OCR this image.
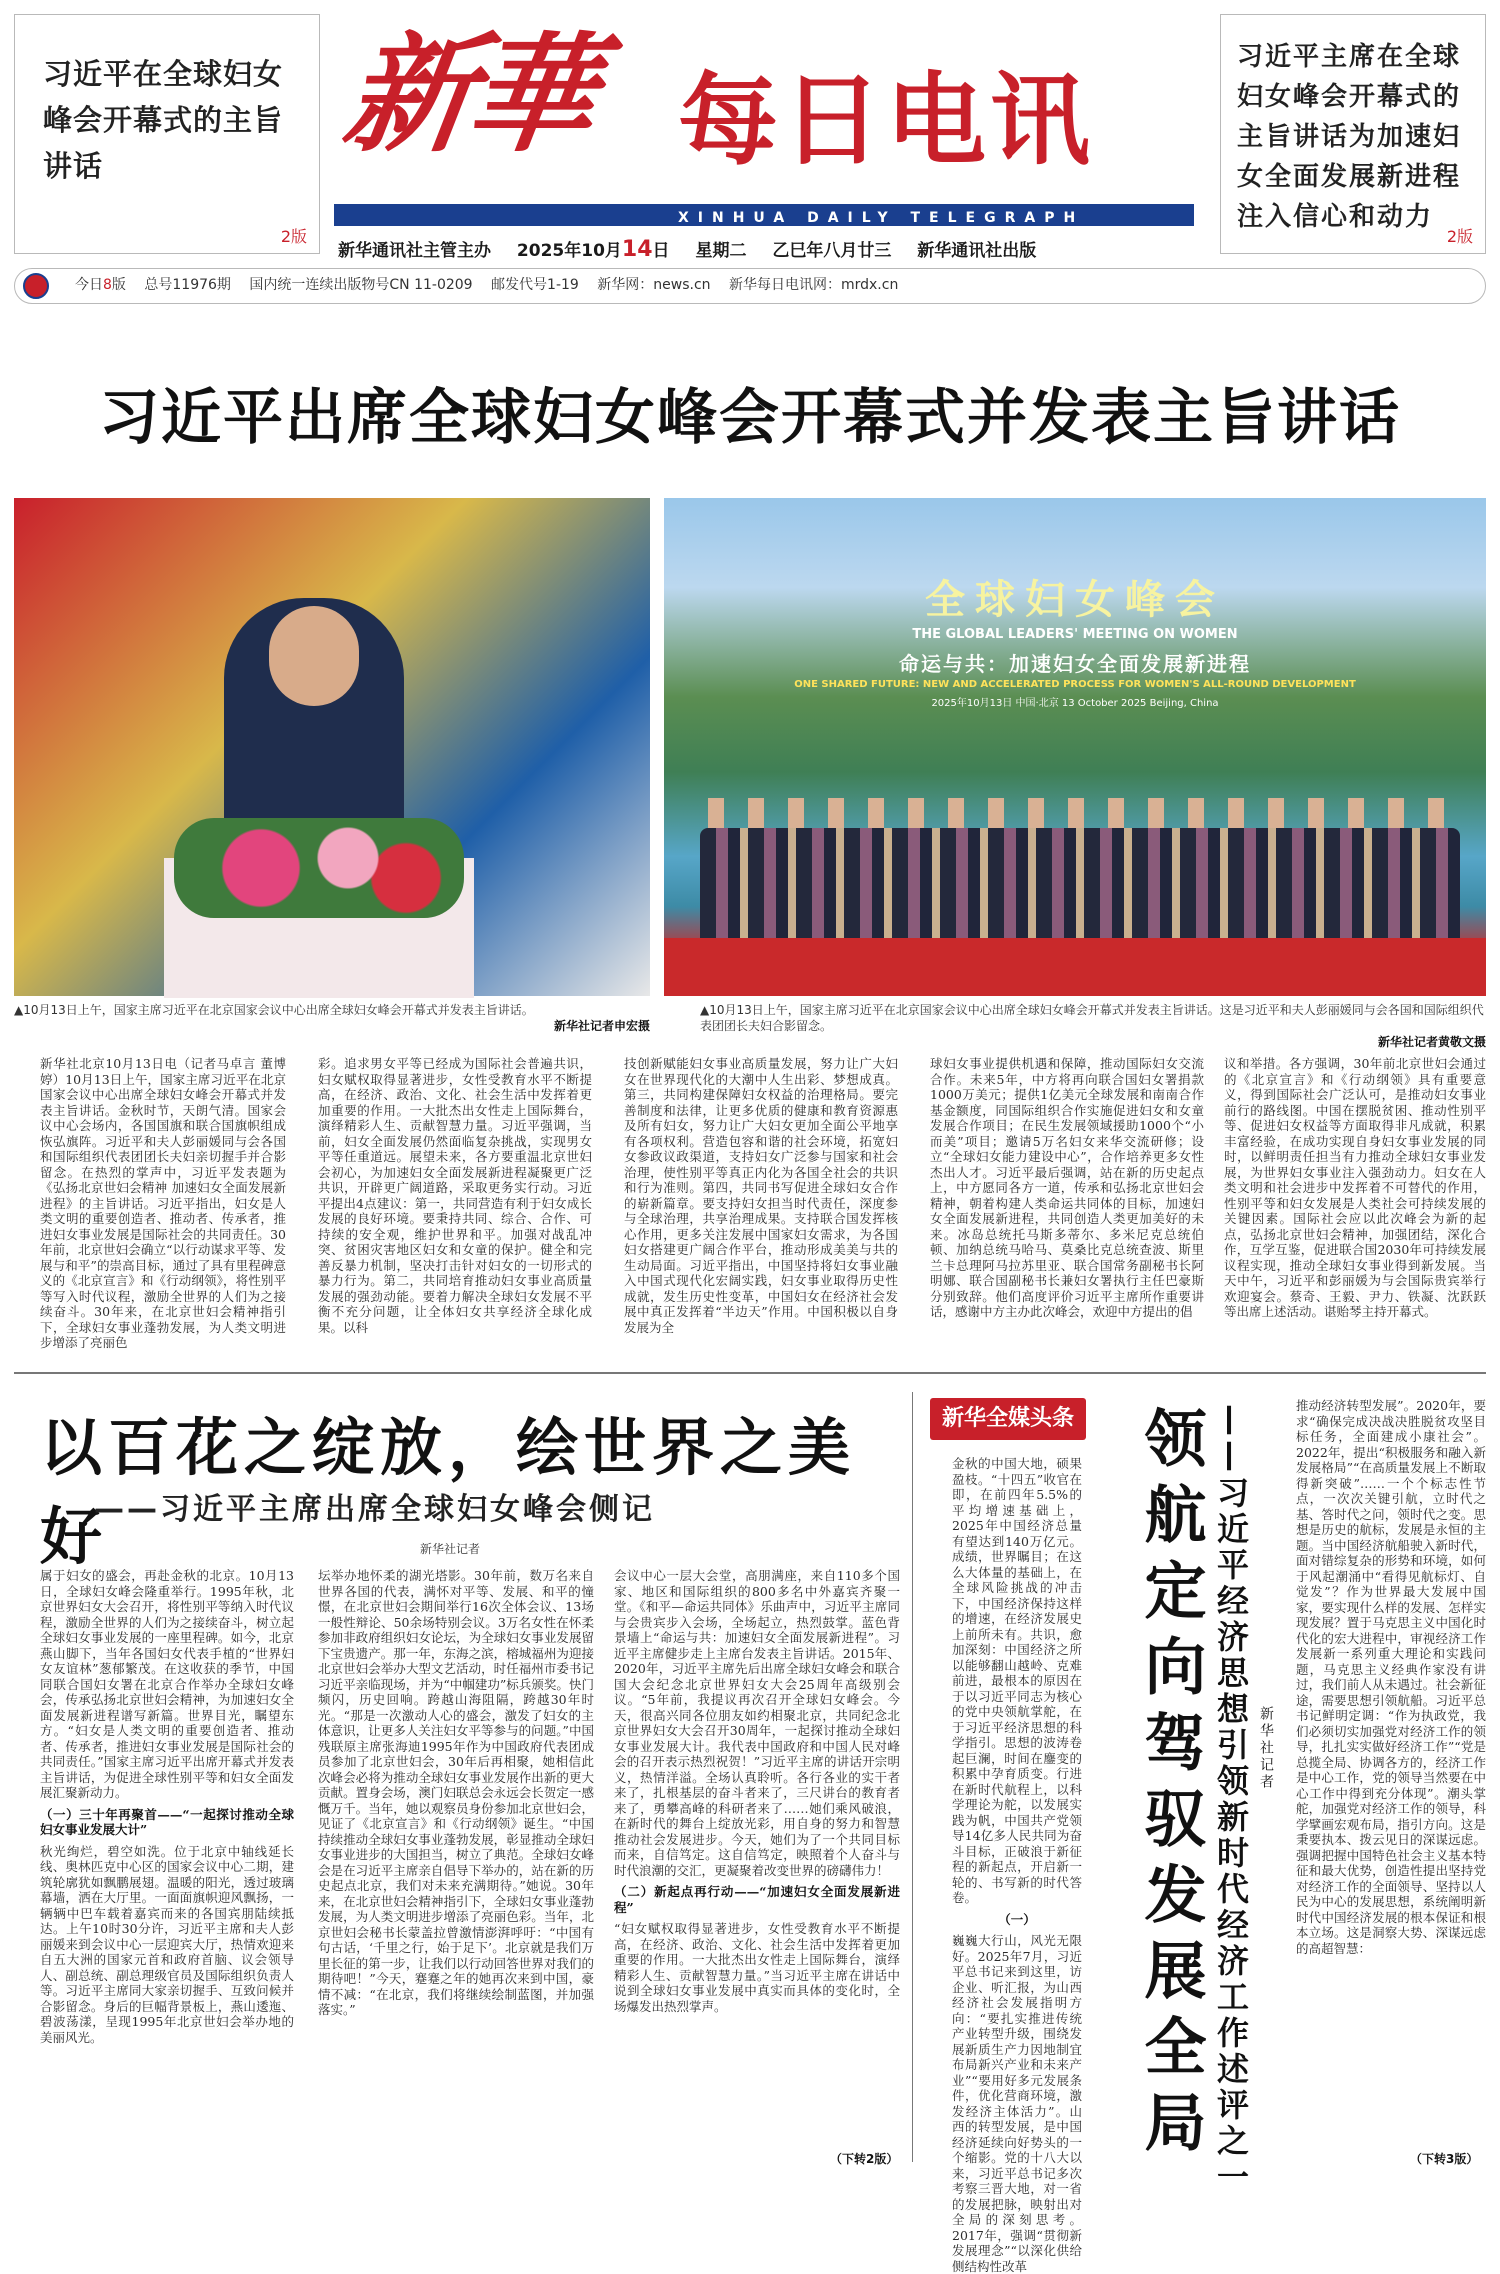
习近平在全球妇女峰会开幕式的主旨讲话
2版
新華 每日电讯
XINHUA DAILY TELEGRAPH
新华通讯社主管主办 2025年10月14日 星期二 乙巳年八月廿三 新华通讯社出版
习近平主席在全球妇女峰会开幕式的主旨讲话为加速妇女全面发展新进程注入信心和动力
2版
今日8版 总号11976期 国内统一连续出版物号CN 11-0209 邮发代号1-19 新华网：news.cn 新华每日电讯网：mrdx.cn
习近平出席全球妇女峰会开幕式并发表主旨讲话
全球妇女峰会
THE GLOBAL LEADERS' MEETING ON WOMEN
命运与共：加速妇女全面发展新进程
ONE SHARED FUTURE: NEW AND ACCELERATED PROCESS FOR WOMEN'S ALL-ROUND DEVELOPMENT
2025年10月13日 中国·北京 13 October 2025 Beijing, China
▲10月13日上午，国家主席习近平在北京国家会议中心出席全球妇女峰会开幕式并发表主旨讲话。
新华社记者申宏摄
▲10月13日上午，国家主席习近平在北京国家会议中心出席全球妇女峰会开幕式并发表主旨讲话。这是习近平和夫人彭丽媛同与会各国和国际组织代表团团长夫妇合影留念。
新华社记者黄敬文摄
新华社北京10月13日电（记者马卓言 董博婷）10月13日上午，国家主席习近平在北京国家会议中心出席全球妇女峰会开幕式并发表主旨讲话。金秋时节，天朗气清。国家会议中心会场内，各国国旗和联合国旗帜组成恢弘旗阵。习近平和夫人彭丽媛同与会各国和国际组织代表团团长夫妇亲切握手并合影留念。在热烈的掌声中，习近平发表题为《弘扬北京世妇会精神 加速妇女全面发展新进程》的主旨讲话。习近平指出，妇女是人类文明的重要创造者、推动者、传承者，推进妇女事业发展是国际社会的共同责任。30年前，北京世妇会确立“以行动谋求平等、发展与和平”的崇高目标，通过了具有里程碑意义的《北京宣言》和《行动纲领》，将性别平等写入时代议程，激励全世界的人们为之接续奋斗。30年来，在北京世妇会精神指引下，全球妇女事业蓬勃发展，为人类文明进步增添了亮丽色
彩。追求男女平等已经成为国际社会普遍共识，妇女赋权取得显著进步，女性受教育水平不断提高，在经济、政治、文化、社会生活中发挥着更加重要的作用。一大批杰出女性走上国际舞台，演绎精彩人生、贡献智慧力量。习近平强调，当前，妇女全面发展仍然面临复杂挑战，实现男女平等任重道远。展望未来，各方要重温北京世妇会初心，为加速妇女全面发展新进程凝聚更广泛共识，开辟更广阔道路，采取更务实行动。习近平提出4点建议：第一，共同营造有利于妇女成长发展的良好环境。要秉持共同、综合、合作、可持续的安全观，维护世界和平。加强对战乱冲突、贫困灾害地区妇女和女童的保护。健全和完善反暴力机制，坚决打击针对妇女的一切形式的暴力行为。第二，共同培育推动妇女事业高质量发展的强劲动能。要着力解决全球妇女发展不平衡不充分问题，让全体妇女共享经济全球化成果。以科
技创新赋能妇女事业高质量发展，努力让广大妇女在世界现代化的大潮中人生出彩、梦想成真。第三，共同构建保障妇女权益的治理格局。要完善制度和法律，让更多优质的健康和教育资源惠及所有妇女，努力让广大妇女更加全面公平地享有各项权利。营造包容和谐的社会环境，拓宽妇女参政议政渠道，支持妇女广泛参与国家和社会治理，使性别平等真正内化为各国全社会的共识和行为准则。第四，共同书写促进全球妇女合作的崭新篇章。要支持妇女担当时代责任，深度参与全球治理，共享治理成果。支持联合国发挥核心作用，更多关注发展中国家妇女需求，为各国妇女搭建更广阔合作平台，推动形成美美与共的生动局面。习近平指出，中国坚持将妇女事业融入中国式现代化宏阔实践，妇女事业取得历史性成就，发生历史性变革，中国妇女在经济社会发展中真正发挥着“半边天”作用。中国积极以自身发展为全
球妇女事业提供机遇和保障，推动国际妇女交流合作。未来5年，中方将再向联合国妇女署捐款1000万美元；提供1亿美元全球发展和南南合作基金额度，同国际组织合作实施促进妇女和女童发展合作项目；在民生发展领域援助1000个“小而美”项目；邀请5万名妇女来华交流研修；设立“全球妇女能力建设中心”，合作培养更多女性杰出人才。习近平最后强调，站在新的历史起点上，中方愿同各方一道，传承和弘扬北京世妇会精神，朝着构建人类命运共同体的目标，加速妇女全面发展新进程，共同创造人类更加美好的未来。冰岛总统托马斯多蒂尔、多米尼克总统伯顿、加纳总统马哈马、莫桑比克总统查波、斯里兰卡总理阿马拉苏里亚、联合国常务副秘书长阿明娜、联合国副秘书长兼妇女署执行主任巴豪斯分别致辞。他们高度评价习近平主席所作重要讲话，感谢中方主办此次峰会，欢迎中方提出的倡
议和举措。各方强调，30年前北京世妇会通过的《北京宣言》和《行动纲领》具有重要意义，得到国际社会广泛认可，是推动妇女事业前行的路线图。中国在摆脱贫困、推动性别平等、促进妇女权益等方面取得非凡成就，积累丰富经验，在成功实现自身妇女事业发展的同时，以鲜明责任担当有力推动全球妇女事业发展，为世界妇女事业注入强劲动力。妇女在人类文明和社会进步中发挥着不可替代的作用，性别平等和妇女发展是人类社会可持续发展的关键因素。国际社会应以此次峰会为新的起点，弘扬北京世妇会精神，加强团结，深化合作，互学互鉴，促进联合国2030年可持续发展议程实现，推动全球妇女事业得到新发展。当天中午，习近平和彭丽媛为与会国际贵宾举行欢迎宴会。蔡奇、王毅、尹力、铁凝、沈跃跃等出席上述活动。谌贻琴主持开幕式。
以百花之绽放，绘世界之美好
——习近平主席出席全球妇女峰会侧记
新华社记者
属于妇女的盛会，再赴金秋的北京。10月13日，全球妇女峰会隆重举行。1995年秋，北京世界妇女大会召开，将性别平等纳入时代议程，激励全世界的人们为之接续奋斗，树立起全球妇女事业发展的一座里程碑。如今，北京燕山脚下，当年各国妇女代表手植的“世界妇女友谊林”葱郁繁茂。在这收获的季节，中国同联合国妇女署在北京合作举办全球妇女峰会，传承弘扬北京世妇会精神，为加速妇女全面发展新进程谱写新篇。世界目光，瞩望东方。“妇女是人类文明的重要创造者、推动者、传承者，推进妇女事业发展是国际社会的共同责任。”国家主席习近平出席开幕式并发表主旨讲话，为促进全球性别平等和妇女全面发展汇聚新动力。
（一）三十年再聚首——“一起探讨推动全球妇女事业发展大计”
秋光绚烂，碧空如洗。位于北京中轴线延长线、奥林匹克中心区的国家会议中心二期，建筑轮廓犹如飘鹏展翅。温暖的阳光，透过玻璃幕墙，洒在大厅里。一面面旗帜迎风飘扬，一辆辆中巴车载着嘉宾而来的各国宾朋陆续抵达。上午10时30分许，习近平主席和夫人彭丽媛来到会议中心一层迎宾大厅，热情欢迎来自五大洲的国家元首和政府首脑、议会领导人、副总统、副总理级官员及国际组织负责人等。习近平主席同大家亲切握手、互致问候并合影留念。身后的巨幅背景板上，燕山逶迤、碧波荡漾，呈现1995年北京世妇会举办地的美丽风光。
坛举办地怀柔的湖光塔影。30年前，数万名来自世界各国的代表，满怀对平等、发展、和平的憧憬，在北京世妇会期间举行16次全体会议、13场一般性辩论、50余场特别会议。3万名女性在怀柔参加非政府组织妇女论坛，为全球妇女事业发展留下宝贵遗产。那一年，东海之滨，榕城福州为迎接北京世妇会举办大型文艺活动，时任福州市委书记习近平亲临现场，并为“中帼建功”标兵颁奖。快门频闪，历史回响。跨越山海阻隔，跨越30年时光。“那是一次激动人心的盛会，激发了妇女的主体意识，让更多人关注妇女平等参与的问题。”中国残联原主席张海迪1995年作为中国政府代表团成员参加了北京世妇会，30年后再相聚，她相信此次峰会必将为推动全球妇女事业发展作出新的更大贡献。置身会场，澳门妇联总会永远会长贺定一感慨万千。当年，她以观察员身份参加北京世妇会，见证了《北京宣言》和《行动纲领》诞生。“中国持续推动全球妇女事业蓬勃发展，彰显推动全球妇女事业进步的大国担当，树立了典范。全球妇女峰会是在习近平主席亲自倡导下举办的，站在新的历史起点北京，我们对未来充满期待。”她说。30年来，在北京世妇会精神指引下，全球妇女事业蓬勃发展，为人类文明进步增添了亮丽色彩。当年，北京世妇会秘书长蒙盖拉曾激情澎湃呼吁：“中国有句古话，‘千里之行，始于足下’。北京就是我们万里长征的第一步，让我们以行动回答世界对我们的期待吧！”今天，蹇蹇之年的她再次来到中国，豪情不减：“在北京，我们将继续绘制蓝图，并加强落实。”
会议中心一层大会堂，高朋满座，来自110多个国家、地区和国际组织的800多名中外嘉宾齐聚一堂。《和平—命运共同体》乐曲声中，习近平主席同与会贵宾步入会场，全场起立，热烈鼓掌。蓝色背景墙上“命运与共：加速妇女全面发展新进程”。习近平主席健步走上主席台发表主旨讲话。2015年、2020年，习近平主席先后出席全球妇女峰会和联合国大会纪念北京世界妇女大会25周年高级别会议。“5年前，我提议再次召开全球妇女峰会。今天，很高兴同各位朋友如约相聚北京，共同纪念北京世界妇女大会召开30周年，一起探讨推动全球妇女事业发展大计。我代表中国政府和中国人民对峰会的召开表示热烈祝贺！”习近平主席的讲话开宗明义，热情洋溢。全场认真聆听。各行各业的实干者来了，扎根基层的奋斗者来了，三尺讲台的教育者来了，勇攀高峰的科研者来了……她们乘风破浪，在新时代的舞台上绽放光彩，用自身的努力和智慧推动社会发展进步。今天，她们为了一个共同目标而来，自信笃定。这自信笃定，映照着个人奋斗与时代浪潮的交汇，更凝聚着改变世界的磅礴伟力！
（二）新起点再行动——“加速妇女全面发展新进程”
“妇女赋权取得显著进步，女性受教育水平不断提高，在经济、政治、文化、社会生活中发挥着更加重要的作用。一大批杰出女性走上国际舞台，演绎精彩人生、贡献智慧力量。”当习近平主席在讲话中说到全球妇女事业发展中真实而具体的变化时，全场爆发出热烈掌声。
（下转2版）
新华全媒头条
金秋的中国大地，硕果盈枝。“十四五”收官在即，在前四年5.5%的平均增速基础上，2025年中国经济总量有望达到140万亿元。成绩，世界瞩目；在这么大体量的基础上，在全球风险挑战的冲击下，中国经济保持这样的增速，在经济发展史上前所未有。共识，愈加深刻：中国经济之所以能够翻山越岭、克难前进，最根本的原因在于以习近平同志为核心的党中央领航掌舵，在于习近平经济思想的科学指引。思想的波涛卷起巨澜，时间在鏖变的积累中孕育质变。行进在新时代航程上，以科学理论为舵，以发展实践为帆，中国共产党领导14亿多人民共同为奋斗目标，正破浪于新征程的新起点，开启新一轮的、书写新的时代答卷。
（一）
巍巍大行山，风光无限好。2025年7月，习近平总书记来到这里，访企业、听汇报，为山西经济社会发展指明方向：“要扎实推进传统产业转型升级，围绕发展新质生产力因地制宜布局新兴产业和未来产业”“要用好多元发展条件，优化营商环境，激发经济主体活力”。山西的转型发展，是中国经济延续向好势头的一个缩影。党的十八大以来，习近平总书记多次考察三晋大地，对一省的发展把脉，映射出对全局的深刻思考。2017年，强调“贯彻新发展理念”“以深化供给侧结构性改革
领航定向驾驭发展全局 ——习近平经济思想引领新时代经济工作述评之一 新华社记者
推动经济转型发展”。2020年，要求“确保完成决战决胜脱贫攻坚目标任务，全面建成小康社会”。2022年，提出“积极服务和融入新发展格局”“在高质量发展上不断取得新突破”……一个个标志性节点，一次次关键引航，立时代之基、答时代之问，领时代之变。思想是历史的航标，发展是永恒的主题。当中国经济航船驶入新时代，面对错综复杂的形势和环境，如何于风起潮涌中“看得见航标灯、自觉发”？作为世界最大发展中国家，要实现什么样的发展、怎样实现发展？置于马克思主义中国化时代化的宏大进程中，审视经济工作发展新一系列重大理论和实践问题，马克思主义经典作家没有讲过，我们前人从未遇过。社会新征途，需要思想引领航船。习近平总书记鲜明定调：“作为执政党，我们必须切实加强党对经济工作的领导，扎扎实实做好经济工作”“党是总揽全局、协调各方的，经济工作是中心工作，党的领导当然要在中心工作中得到充分体现”。潮头掌舵，加强党对经济工作的领导，科学擘画宏观布局，指引方向。这是秉要执本、拨云见日的深谋远虑。强调把握中国特色社会主义基本特征和最大优势，创造性提出坚持党对经济工作的全面领导、坚持以人民为中心的发展思想，系统阐明新时代中国经济发展的根本保证和根本立场。这是洞察大势、深谋远虑的高超智慧：
（下转3版）
